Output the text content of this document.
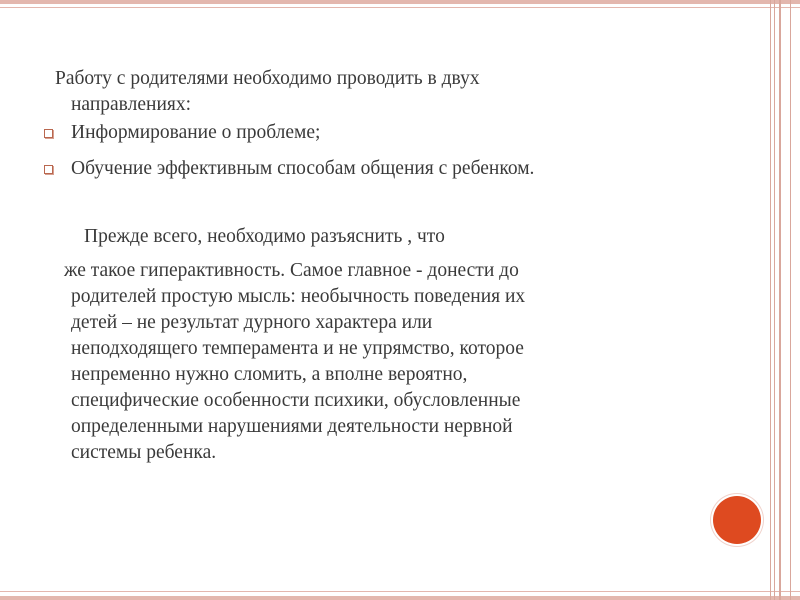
Работу с родителями необходимо проводить в двух
направлениях:
Информирование о проблеме;
Обучение эффективным способам общения с ребенком.
Прежде всего, необходимо разъяснить , что
же такое гиперактивность. Самое главное - донести до
родителей простую мысль: необычность поведения их
детей – не результат дурного характера или
неподходящего темперамента и не упрямство, которое
непременно нужно сломить, а вполне вероятно,
специфические особенности психики, обусловленные
определенными нарушениями деятельности нервной
системы ребенка.
